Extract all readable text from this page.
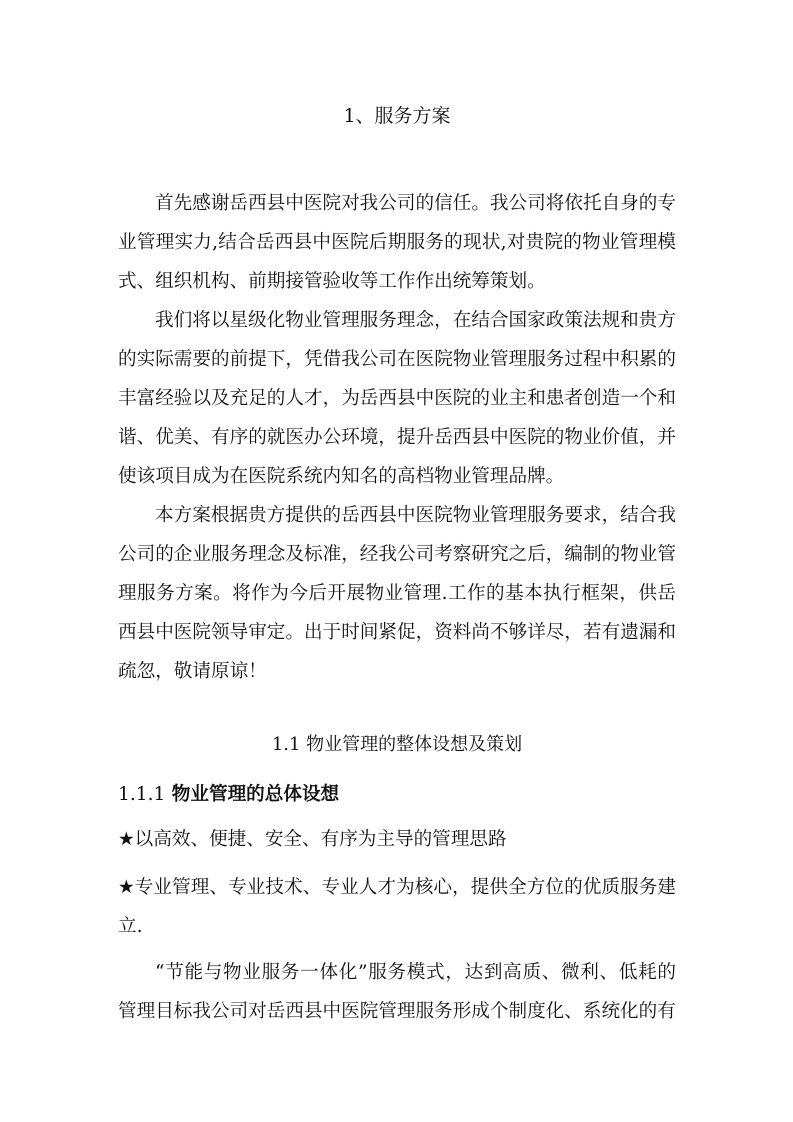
1、服务方案

首先感谢岳西县中医院对我公司的信任。我公司将依托自身的专业管理实力,结合岳西县中医院后期服务的现状,对贵院的物业管理模式、组织机构、前期接管验收等工作作出统筹策划。

我们将以星级化物业管理服务理念，在结合国家政策法规和贵方的实际需要的前提下，凭借我公司在医院物业管理服务过程中积累的丰富经验以及充足的人才，为岳西县中医院的业主和患者创造一个和谐、优美、有序的就医办公环境，提升岳西县中医院的物业价值，并使该项目成为在医院系统内知名的高档物业管理品牌。

本方案根据贵方提供的岳西县中医院物业管理服务要求，结合我公司的企业服务理念及标准，经我公司考察研究之后，编制的物业管理服务方案。将作为今后开展物业管理.工作的基本执行框架，供岳西县中医院领导审定。出于时间紧促，资料尚不够详尽，若有遗漏和疏忽，敬请原谅！

1.1 物业管理的整体设想及策划
1.1.1 物业管理的总体设想

★以高效、便捷、安全、有序为主导的管理思路

★专业管理、专业技术、专业人才为核心，提供全方位的优质服务建立.

“节能与物业服务一体化”服务模式，达到高质、微利、低耗的管理目标我公司对岳西县中医院管理服务形成个制度化、系统化的有
